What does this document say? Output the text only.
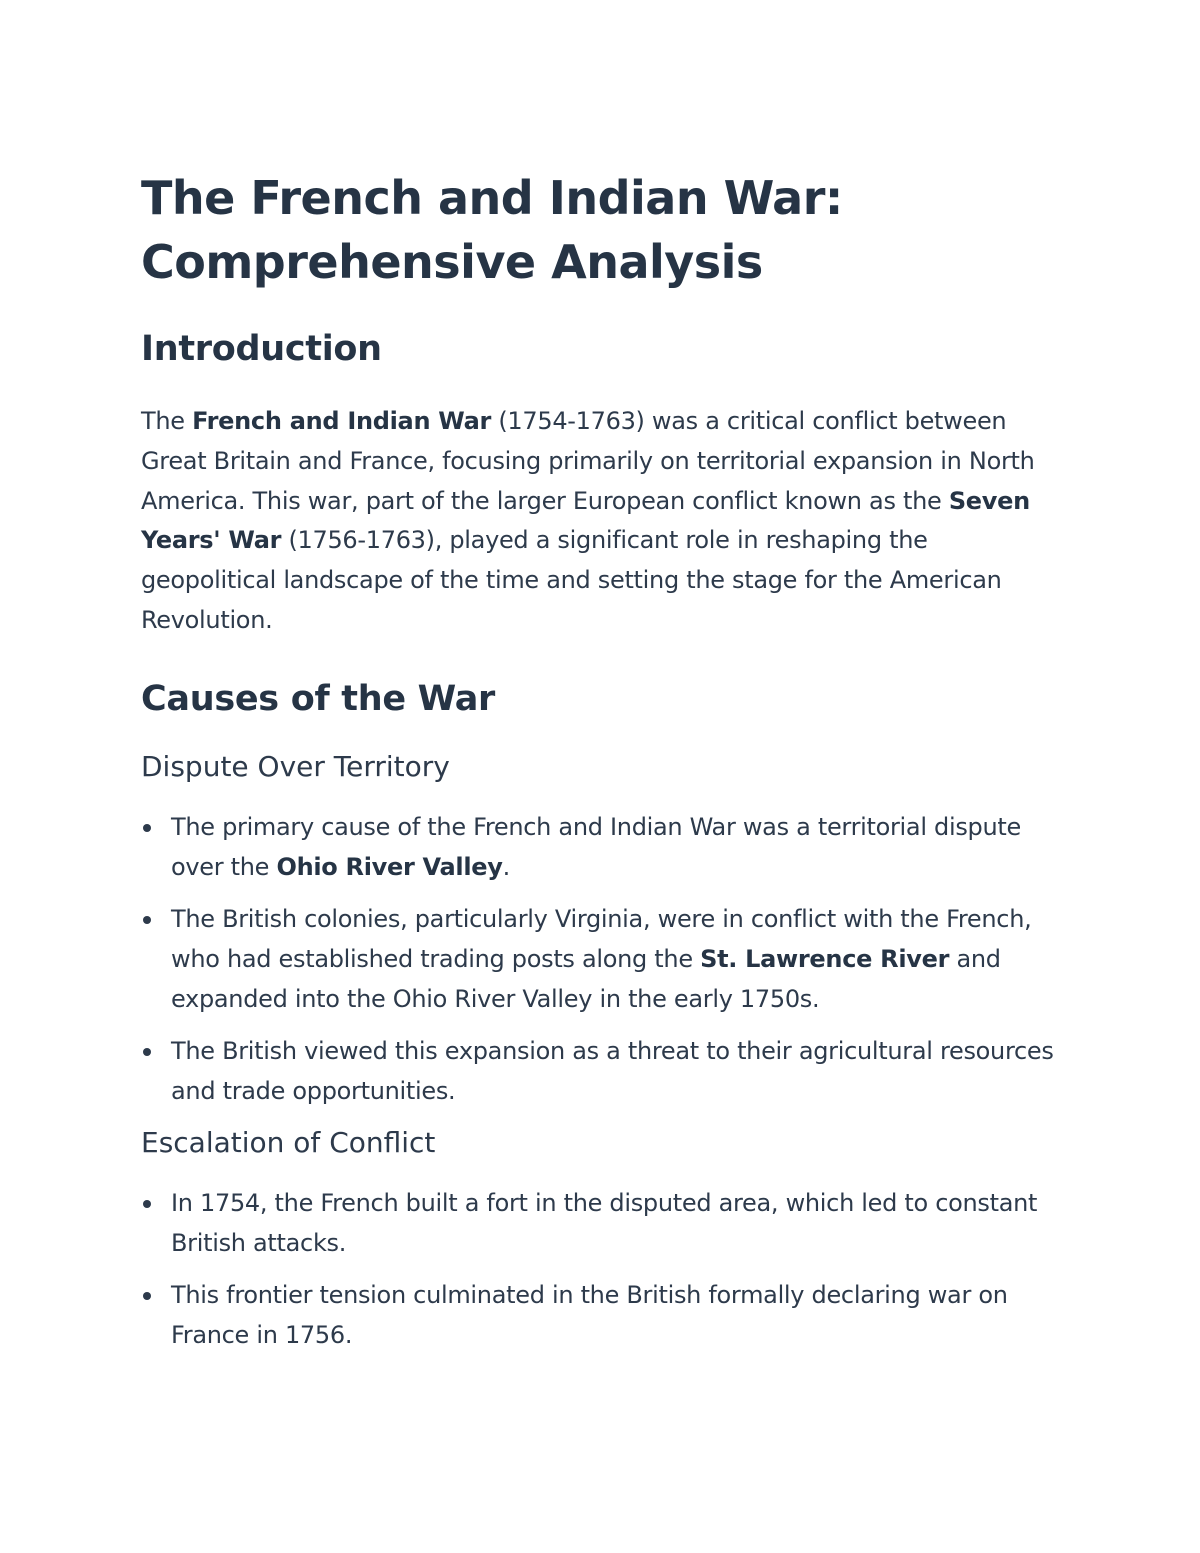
The French and Indian War:
Comprehensive Analysis
Introduction

The French and Indian War (1754-1763) was a critical conflict between Great Britain and France, focusing primarily on territorial expansion in North America. This war, part of the larger European conflict known as the Seven Years' War (1756-1763), played a significant role in reshaping the geopolitical landscape of the time and setting the stage for the American Revolution.

Causes of the War
Dispute Over Territory
The primary cause of the French and Indian War was a territorial dispute over the Ohio River Valley.
The British colonies, particularly Virginia, were in conflict with the French, who had established trading posts along the St. Lawrence River and expanded into the Ohio River Valley in the early 1750s.
The British viewed this expansion as a threat to their agricultural resources and trade opportunities.
Escalation of Conflict
In 1754, the French built a fort in the disputed area, which led to constant British attacks.
This frontier tension culminated in the British formally declaring war on France in 1756.
